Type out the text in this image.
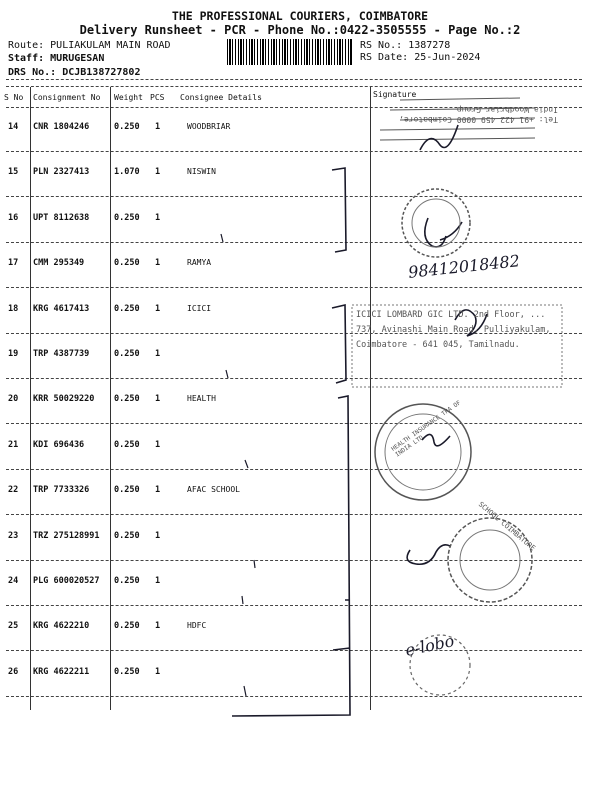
THE PROFESSIONAL COURIERS, COIMBATORE
Delivery Runsheet - PCR - Phone No.:0422-3505555 - Page No.:2
Route: PULIAKULAM MAIN ROAD
Staff: MURUGESAN
DRS No.: DCJB138727802
RS No.: 1387278
RS Date: 25-Jun-2024
S No Consignment No Weight PCS Consignee Details	Signature
14 CNR 1804246	0.250 1	WOODBRIAR
15 PLN 2327413	1.070 1	NISWIN
16 UPT 8112638	0.250 1
17 CMM 295349	0.250 1	RAMYA
18 KRG 4617413	0.250 1	ICICI
19 TRP 4387739	0.250 1
20 KRR 50029220 0.250 1	HEALTH
21 KDI 696436	0.250 1
22 TRP 7733326	0.250 1	AFAC SCHOOL
23 TRZ 275128991 0.250 1
24 PLG 600020527 0.250 1
25 KRG 4622210	0.250 1	HDFC
26 KRG 4622211	0.250 1
Tel: +91 422 459 0000 Coimbatore, India Woodbriar Group
ICICI LOMBARD GIC LTD. 2nd Floor, ... 737, Avinashi Main Road, Pulliyakulam, Coimbatore - 641 045, Tamilnadu.
HEALTH INSURANCE TPA OF INDIA LTD
SCHOOL COIMBATORE
98412018482
e-lobo
